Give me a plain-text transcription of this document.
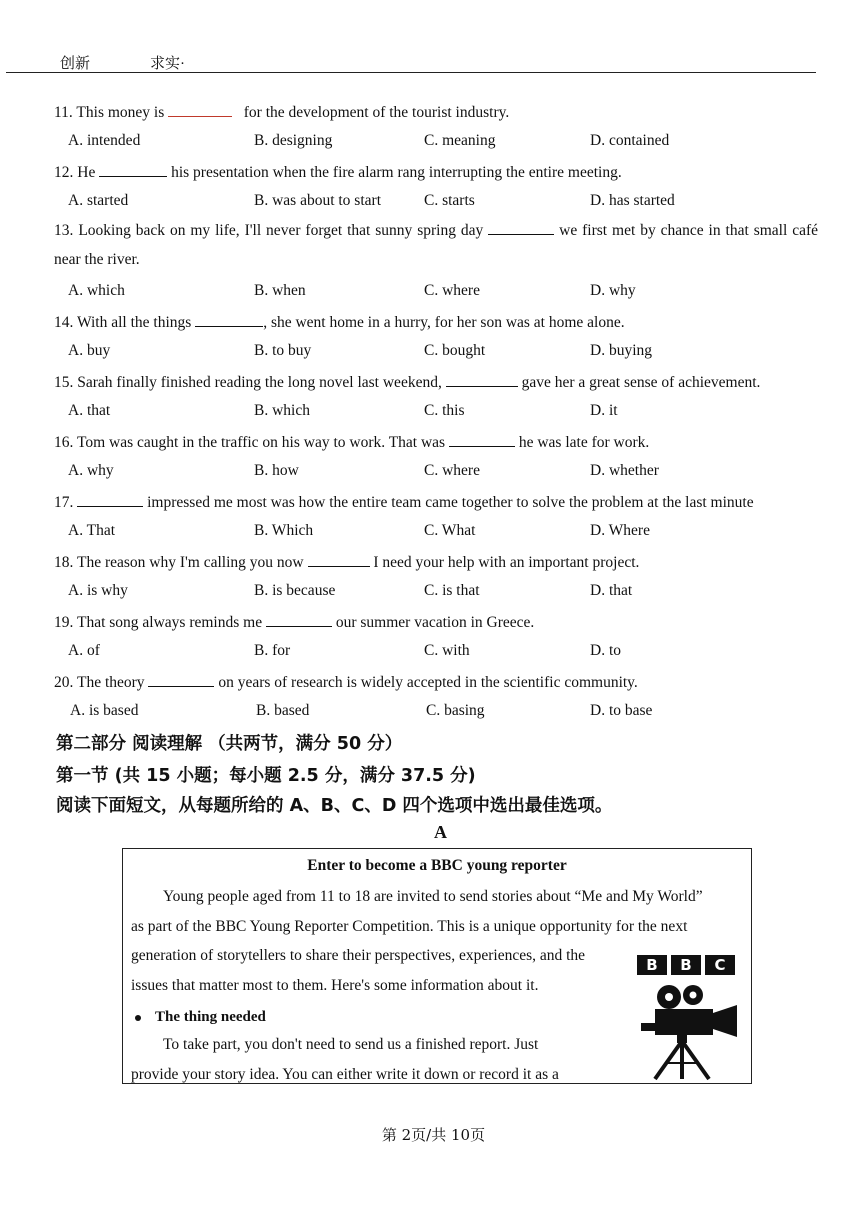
创新	求实·
11. This money is	for the development of the tourist industry.
A. intended	B. designing	C. meaning	D. contained
12. He	his presentation when the fire alarm rang interrupting the entire meeting.
A. started	B. was about to start	C. starts	D. has started
13. Looking back on my life, I'll never forget that sunny spring day	we first met by chance in that small café near the river.
A. which	B. when	C. where	D. why
14. With all the things	, she went home in a hurry, for her son was at home alone.
A. buy	B. to buy	C. bought	D. buying
15. Sarah finally finished reading the long novel last weekend,	gave her a great sense of achievement.
A. that	B. which	C. this	D. it
16. Tom was caught in the traffic on his way to work. That was	he was late for work.
A. why	B. how	C. where	D. whether
17.	impressed me most was how the entire team came together to solve the problem at the last minute
A. That	B. Which	C. What	D. Where
18. The reason why I'm calling you now	I need your help with an important project.
A. is why	B. is because	C. is that	D. that
19. That song always reminds me	our summer vacation in Greece.
A. of	B. for	C. with	D. to
20. The theory	on years of research is widely accepted in the scientific community.
A. is based	B. based	C. basing	D. to base
第二部分 阅读理解 （共两节，满分 50 分）
第一节 (共 15 小题；每小题 2.5 分，满分 37.5 分)
阅读下面短文，从每题所给的 A、B、C、D 四个选项中选出最佳选项。
A
Enter to become a BBC young reporter
Young people aged from 11 to 18 are invited to send stories about “Me and My World”
as part of the BBC Young Reporter Competition. This is a unique opportunity for the next
generation of storytellers to share their perspectives, experiences, and the
issues that matter most to them. Here's some information about it.
The thing needed
To take part, you don't need to send us a finished report. Just
provide your story idea. You can either write it down or record it as a
B	B	C
第 2页/共 10页
